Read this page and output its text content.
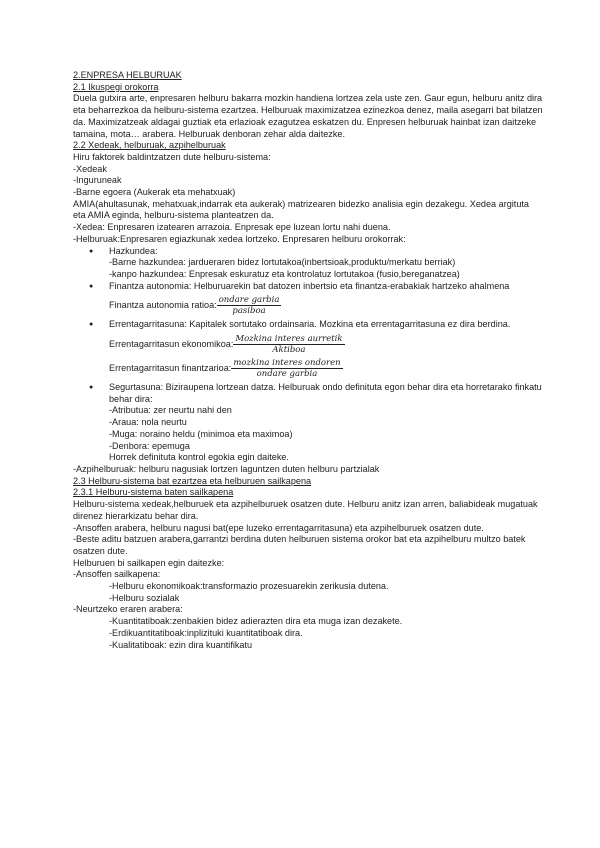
2.ENPRESA HELBURUAK

2.1 Ikuspegi orokorra

Duela gutxira arte, enpresaren helburu bakarra mozkin handiena lortzea zela uste zen. Gaur egun, helburu anitz dira eta beharrezkoa da helburu-sistema ezartzea. Helburuak maximizatzea ezinezkoa denez, maila asegarri bat bilatzen da. Maximizatzeak aldagai guztiak eta erlazioak ezagutzea eskatzen du. Enpresen helburuak hainbat izan daitzeke tamaina, mota… arabera. Helburuak denboran zehar alda daitezke.

2.2 Xedeak, helburuak, azpihelburuak

Hiru faktorek baldintzatzen dute helburu-sistema:

-Xedeak

-Inguruneak

-Barne egoera (Aukerak eta mehatxuak)

AMIA(ahultasunak, mehatxuak,indarrak eta aukerak) matrizearen bidezko analisia egin dezakegu. Xedea argituta eta AMIA eginda, helburu-sistema planteatzen da.

-Xedea: Enpresaren izatearen arrazoia. Enpresak epe luzean lortu nahi duena.

-Helburuak:Enpresaren egiazkunak xedea lortzeko. Enpresaren helburu orokorrak:

● Hazkundea:
-Barne hazkundea: jardueraren bidez lortutakoa(inbertsioak,produktu/merkatu berriak)
-kanpo hazkundea: Enpresak eskuratuz eta kontrolatuz lortutakoa (fusio,bereganatzea)
● Finantza autonomia: Helburuarekin bat datozen inbertsio eta finantza-erabakiak hartzeko ahalmena
Finantza autonomia ratioa: $\frac{\text{ondare garbia}}{\text{pasiboa}}$
● Errentagarritasuna: Kapitalek sortutako ordainsaria. Mozkina eta errentagarritasuna ez dira berdina.
Errentagarritasun ekonomikoa: $\frac{\text{Mozkina interes aurretik}}{\text{Aktiboa}}$
Errentagarritasun finantzarioa: $\frac{\text{mozkina interes ondoren}}{\text{ondare garbia}}$
● Segurtasuna: Biziraupena lortzean datza. Helburuak ondo definituta egon behar dira eta horretarako finkatu behar dira:
-Atributua: zer neurtu nahi den
-Araua: nola neurtu
-Muga: noraino heldu (minimoa eta maximoa)
-Denbora: epemuga
Horrek definituta kontrol egokia egin daiteke.

-Azpihelburuak: helburu nagusiak lortzen laguntzen duten helburu partzialak

2.3 Helburu-sistema bat ezartzea eta helburuen sailkapena

2.3.1 Helburu-sistema baten sailkapena

Helburu-sistema xedeak,helburuek eta azpihelburuek osatzen dute. Helburu anitz izan arren, baliabideak mugatuak direnez hierarkizatu behar dira.

-Ansoffen arabera, helburu nagusi bat(epe luzeko errentagarritasuna) eta azpihelburuek osatzen dute.

-Beste aditu batzuen arabera,garrantzi berdina duten helburuen sistema orokor bat eta azpihelburu multzo batek osatzen dute.

Helburuen bi sailkapen egin daitezke:

-Ansoffen sailkapena:

-Helburu ekonomikoak:transformazio prozesuarekin zerikusia dutena.

-Helburu sozialak

-Neurtzeko eraren arabera:

-Kuantitatiboak:zenbakien bidez adierazten dira eta muga izan dezakete.

-Erdikuantitatiboak:inplizituki kuantitatiboak dira.

-Kualitatiboak: ezin dira kuantifikatu
